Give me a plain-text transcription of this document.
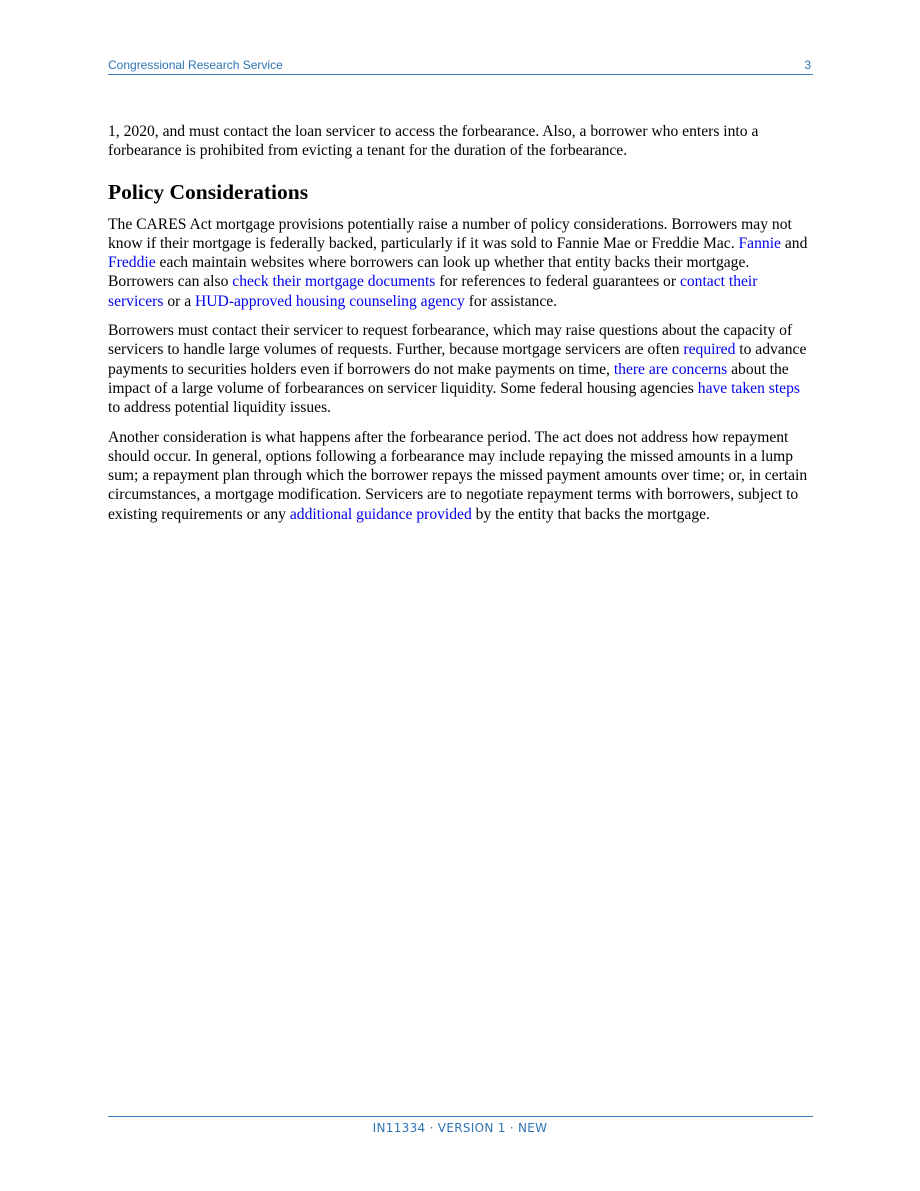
Congressional Research Service	3

1, 2020, and must contact the loan servicer to access the forbearance. Also, a borrower who enters into a forbearance is prohibited from evicting a tenant for the duration of the forbearance.

Policy Considerations

The CARES Act mortgage provisions potentially raise a number of policy considerations. Borrowers may not know if their mortgage is federally backed, particularly if it was sold to Fannie Mae or Freddie Mac. Fannie and Freddie each maintain websites where borrowers can look up whether that entity backs their mortgage. Borrowers can also check their mortgage documents for references to federal guarantees or contact their servicers or a HUD-approved housing counseling agency for assistance.

Borrowers must contact their servicer to request forbearance, which may raise questions about the capacity of servicers to handle large volumes of requests. Further, because mortgage servicers are often required to advance payments to securities holders even if borrowers do not make payments on time, there are concerns about the impact of a large volume of forbearances on servicer liquidity. Some federal housing agencies have taken steps to address potential liquidity issues.

Another consideration is what happens after the forbearance period. The act does not address how repayment should occur. In general, options following a forbearance may include repaying the missed amounts in a lump sum; a repayment plan through which the borrower repays the missed payment amounts over time; or, in certain circumstances, a mortgage modification. Servicers are to negotiate repayment terms with borrowers, subject to existing requirements or any additional guidance provided by the entity that backs the mortgage.

IN11334 · VERSION 1 · NEW
